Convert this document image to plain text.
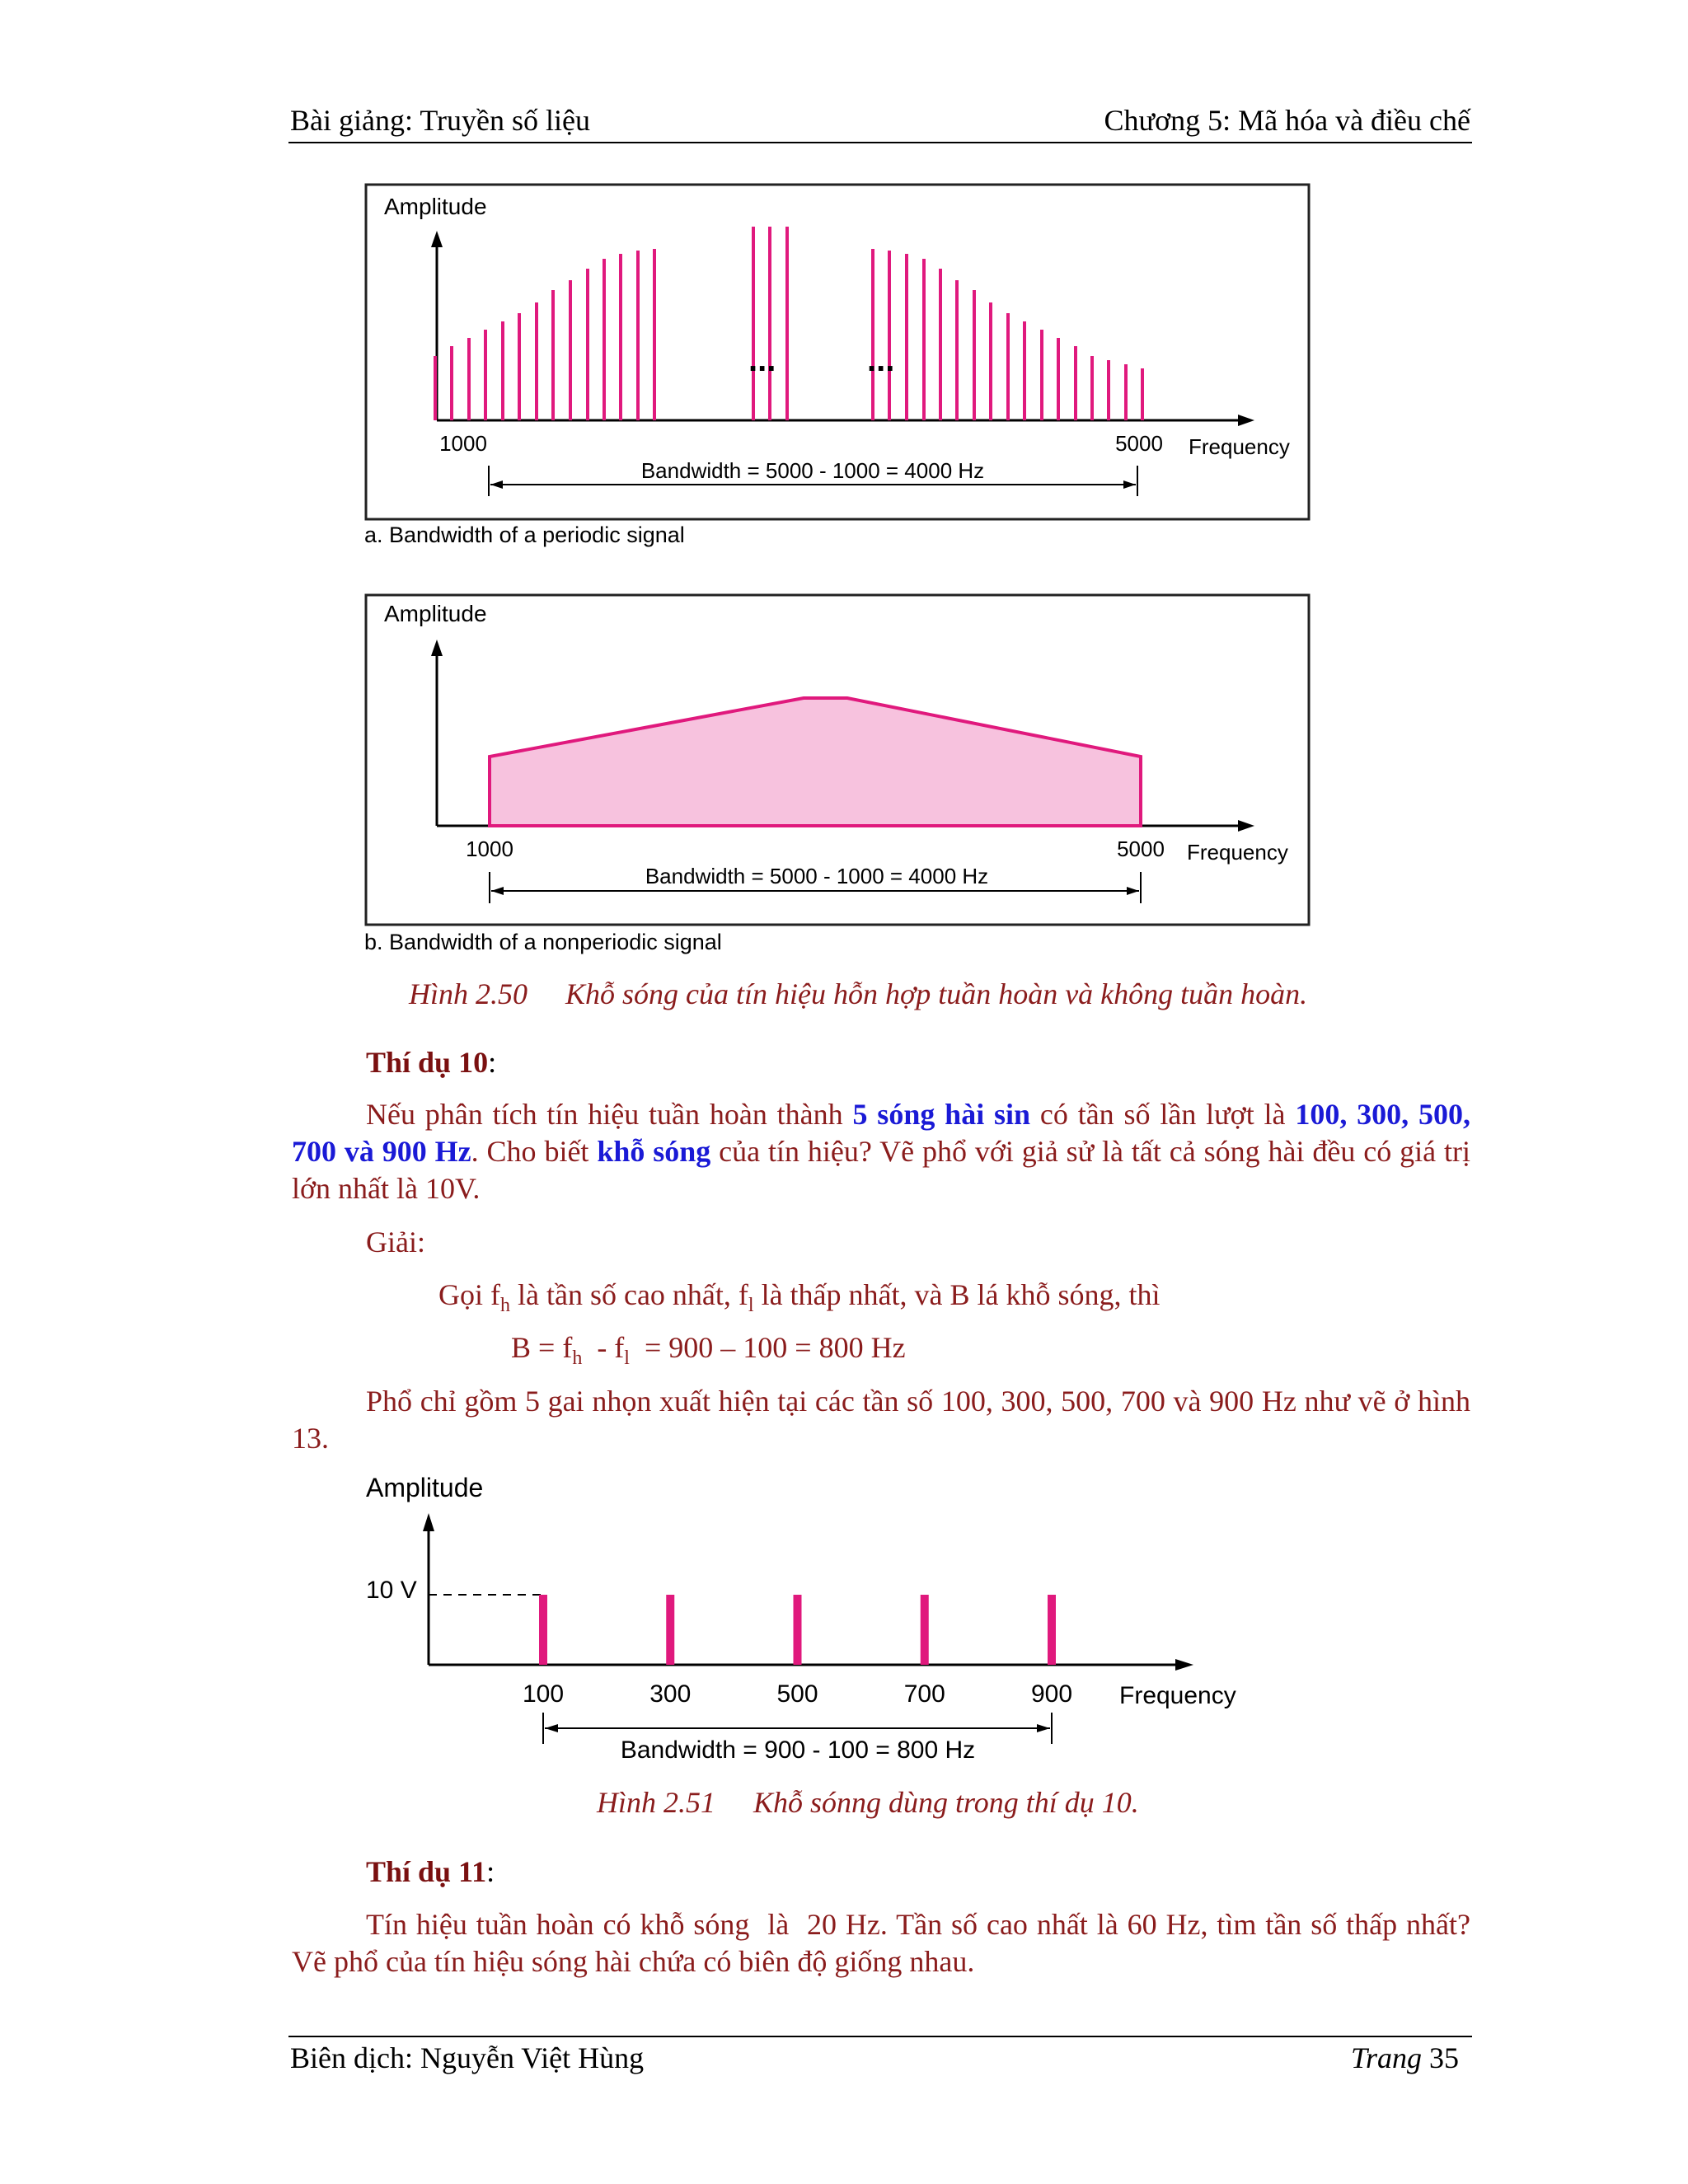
Bài giảng: Truyền số liệu	Chương 5: Mã hóa và điều chế
Amplitude
...	...
1000	5000 Frequency
Bandwidth = 5000 - 1000 = 4000 Hz
a. Bandwidth of a periodic signal
Amplitude
1000	5000 Frequency
Bandwidth = 5000 - 1000 = 4000 Hz
b. Bandwidth of a nonperiodic signal
Hình 2.50 Khỗ sóng của tín hiệu hỗn hợp tuần hoàn và không tuần hoàn.
Thí dụ 10:
Nếu phân tích tín hiệu tuần hoàn thành 5 sóng hài sin có tần số lần lượt là 100, 300, 500, 700 và 900 Hz. Cho biết khỗ sóng của tín hiệu? Vẽ phổ với giả sử là tất cả sóng hài đều có giá trị lớn nhất là 10V.
Giải:
Gọi $f_h$ là tần số cao nhất, $f_l$ là thấp nhất, và B lá khỗ sóng, thì
$B = f_h - f_l = 900 - 100 = 800$ Hz
Phổ chỉ gồm 5 gai nhọn xuất hiện tại các tần số 100, 300, 500, 700 và 900 Hz như vẽ ở hình 13.
Amplitude
10 V
100	300	500	700	900 Frequency
Bandwidth = 900 - 100 = 800 Hz
Hình 2.51 Khỗ sónng dùng trong thí dụ 10.
Thí dụ 11:
Tín hiệu tuần hoàn có khỗ sóng  là  20 Hz. Tần số cao nhất là 60 Hz, tìm tần số thấp nhất? Vẽ phổ của tín hiệu sóng hài chứa có biên độ giống nhau.
Biên dịch: Nguyễn Việt Hùng	Trang 35
